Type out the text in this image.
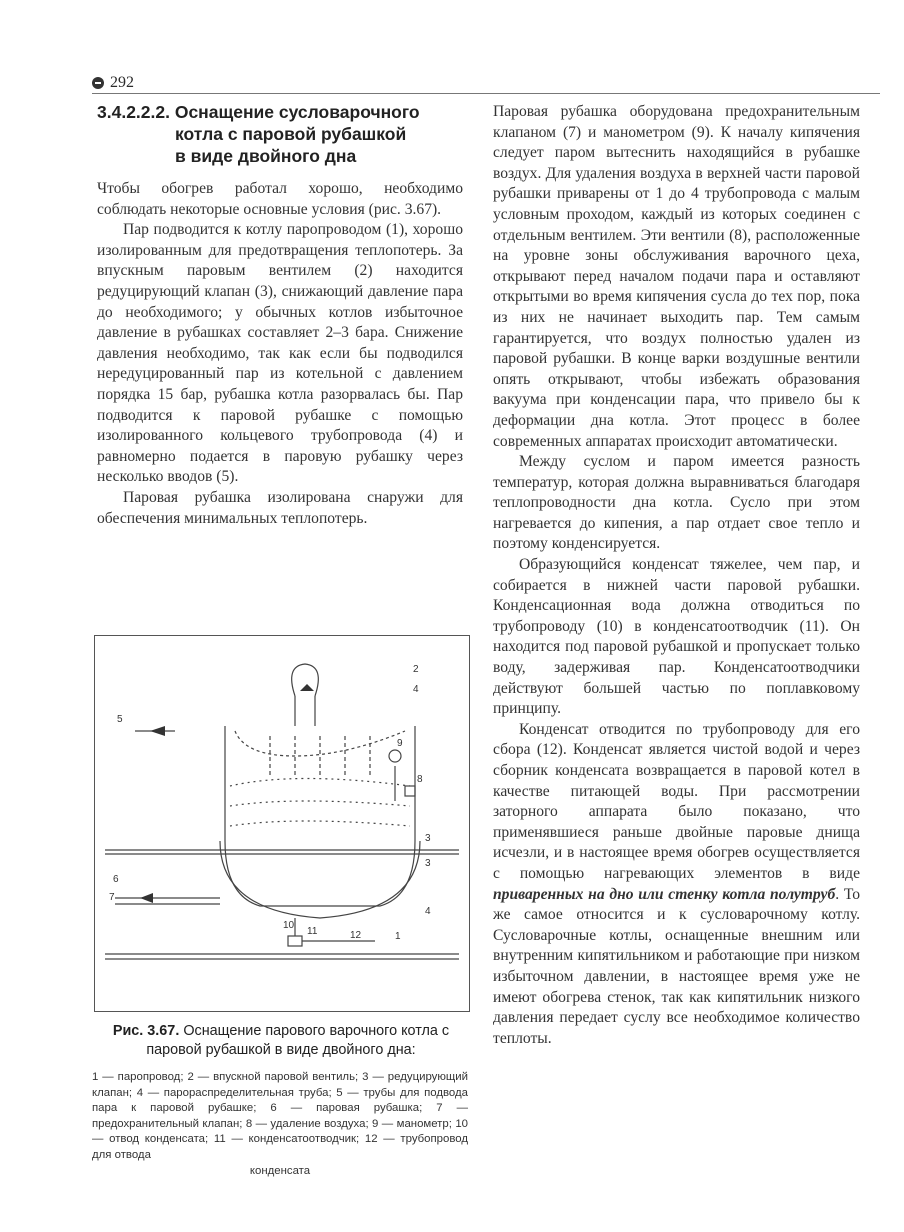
292
3.4.2.2.2. Оснащение сусловарочного
котла с паровой рубашкой
в виде двойного дна

Чтобы обогрев работал хорошо, необходимо соблюдать некоторые основные условия (рис. 3.67).

Пар подводится к котлу паропроводом (1), хорошо изолированным для предотвращения теплопотерь. За впускным паровым вентилем (2) находится редуцирующий клапан (3), снижающий давление пара до необходимого; у обычных котлов избыточное давление в рубашках составляет 2–3 бара. Снижение давления необходимо, так как если бы подводился нередуцированный пар из котельной с давлением порядка 15 бар, рубашка котла разорвалась бы. Пар подводится к паровой рубашке с помощью изолированного кольцевого трубопровода (4) и равномерно подается в паровую рубашку через несколько вводов (5).

Паровая рубашка изолирована снаружи для обеспечения минимальных теплопотерь.

2
4
5
3
3
4
1
6
7
9
8
10
11	12
Рис. 3.67. Оснащение парового варочного котла с паровой рубашкой в виде двойного дна:
1 — паропровод; 2 — впускной паровой вентиль; 3 — редуцирующий клапан; 4 — парораспределительная труба; 5 — трубы для подвода пара к паровой рубашке; 6 — паровая рубашка; 7 — предохранительный клапан; 8 — удаление воздуха; 9 — манометр; 10 — отвод конденсата; 11 — конденсатоотводчик; 12 — трубопровод для отвода
конденсата

Паровая рубашка оборудована предохранительным клапаном (7) и манометром (9). К началу кипячения следует паром вытеснить находящийся в рубашке воздух. Для удаления воздуха в верхней части паровой рубашки приварены от 1 до 4 трубопровода с малым условным проходом, каждый из которых соединен с отдельным вентилем. Эти вентили (8), расположенные на уровне зоны обслуживания варочного цеха, открывают перед началом подачи пара и оставляют открытыми во время кипячения сусла до тех пор, пока из них не начинает выходить пар. Тем самым гарантируется, что воздух полностью удален из паровой рубашки. В конце варки воздушные вентили опять открывают, чтобы избежать образования вакуума при конденсации пара, что привело бы к деформации дна котла. Этот процесс в более современных аппаратах происходит автоматически.

Между суслом и паром имеется разность температур, которая должна выравниваться благодаря теплопроводности дна котла. Сусло при этом нагревается до кипения, а пар отдает свое тепло и поэтому конденсируется.

Образующийся конденсат тяжелее, чем пар, и собирается в нижней части паровой рубашки. Конденсационная вода должна отводиться по трубопроводу (10) в конденсатоотводчик (11). Он находится под паровой рубашкой и пропускает только воду, задерживая пар. Конденсатоотводчики действуют большей частью по поплавковому принципу.

Конденсат отводится по трубопроводу для его сбора (12). Конденсат является чистой водой и через сборник конденсата возвращается в паровой котел в качестве питающей воды. При рассмотрении заторного аппарата было показано, что применявшиеся раньше двойные паровые днища исчезли, и в настоящее время обогрев осуществляется с помощью нагревающих элементов в виде приваренных на дно или стенку котла полутруб. То же самое относится и к сусловарочному котлу. Сусловарочные котлы, оснащенные внешним или внутренним кипятильником и работающие при низком избыточном давлении, в настоящее время уже не имеют обогрева стенок, так как кипятильник низкого давления передает суслу все необходимое количество теплоты.
